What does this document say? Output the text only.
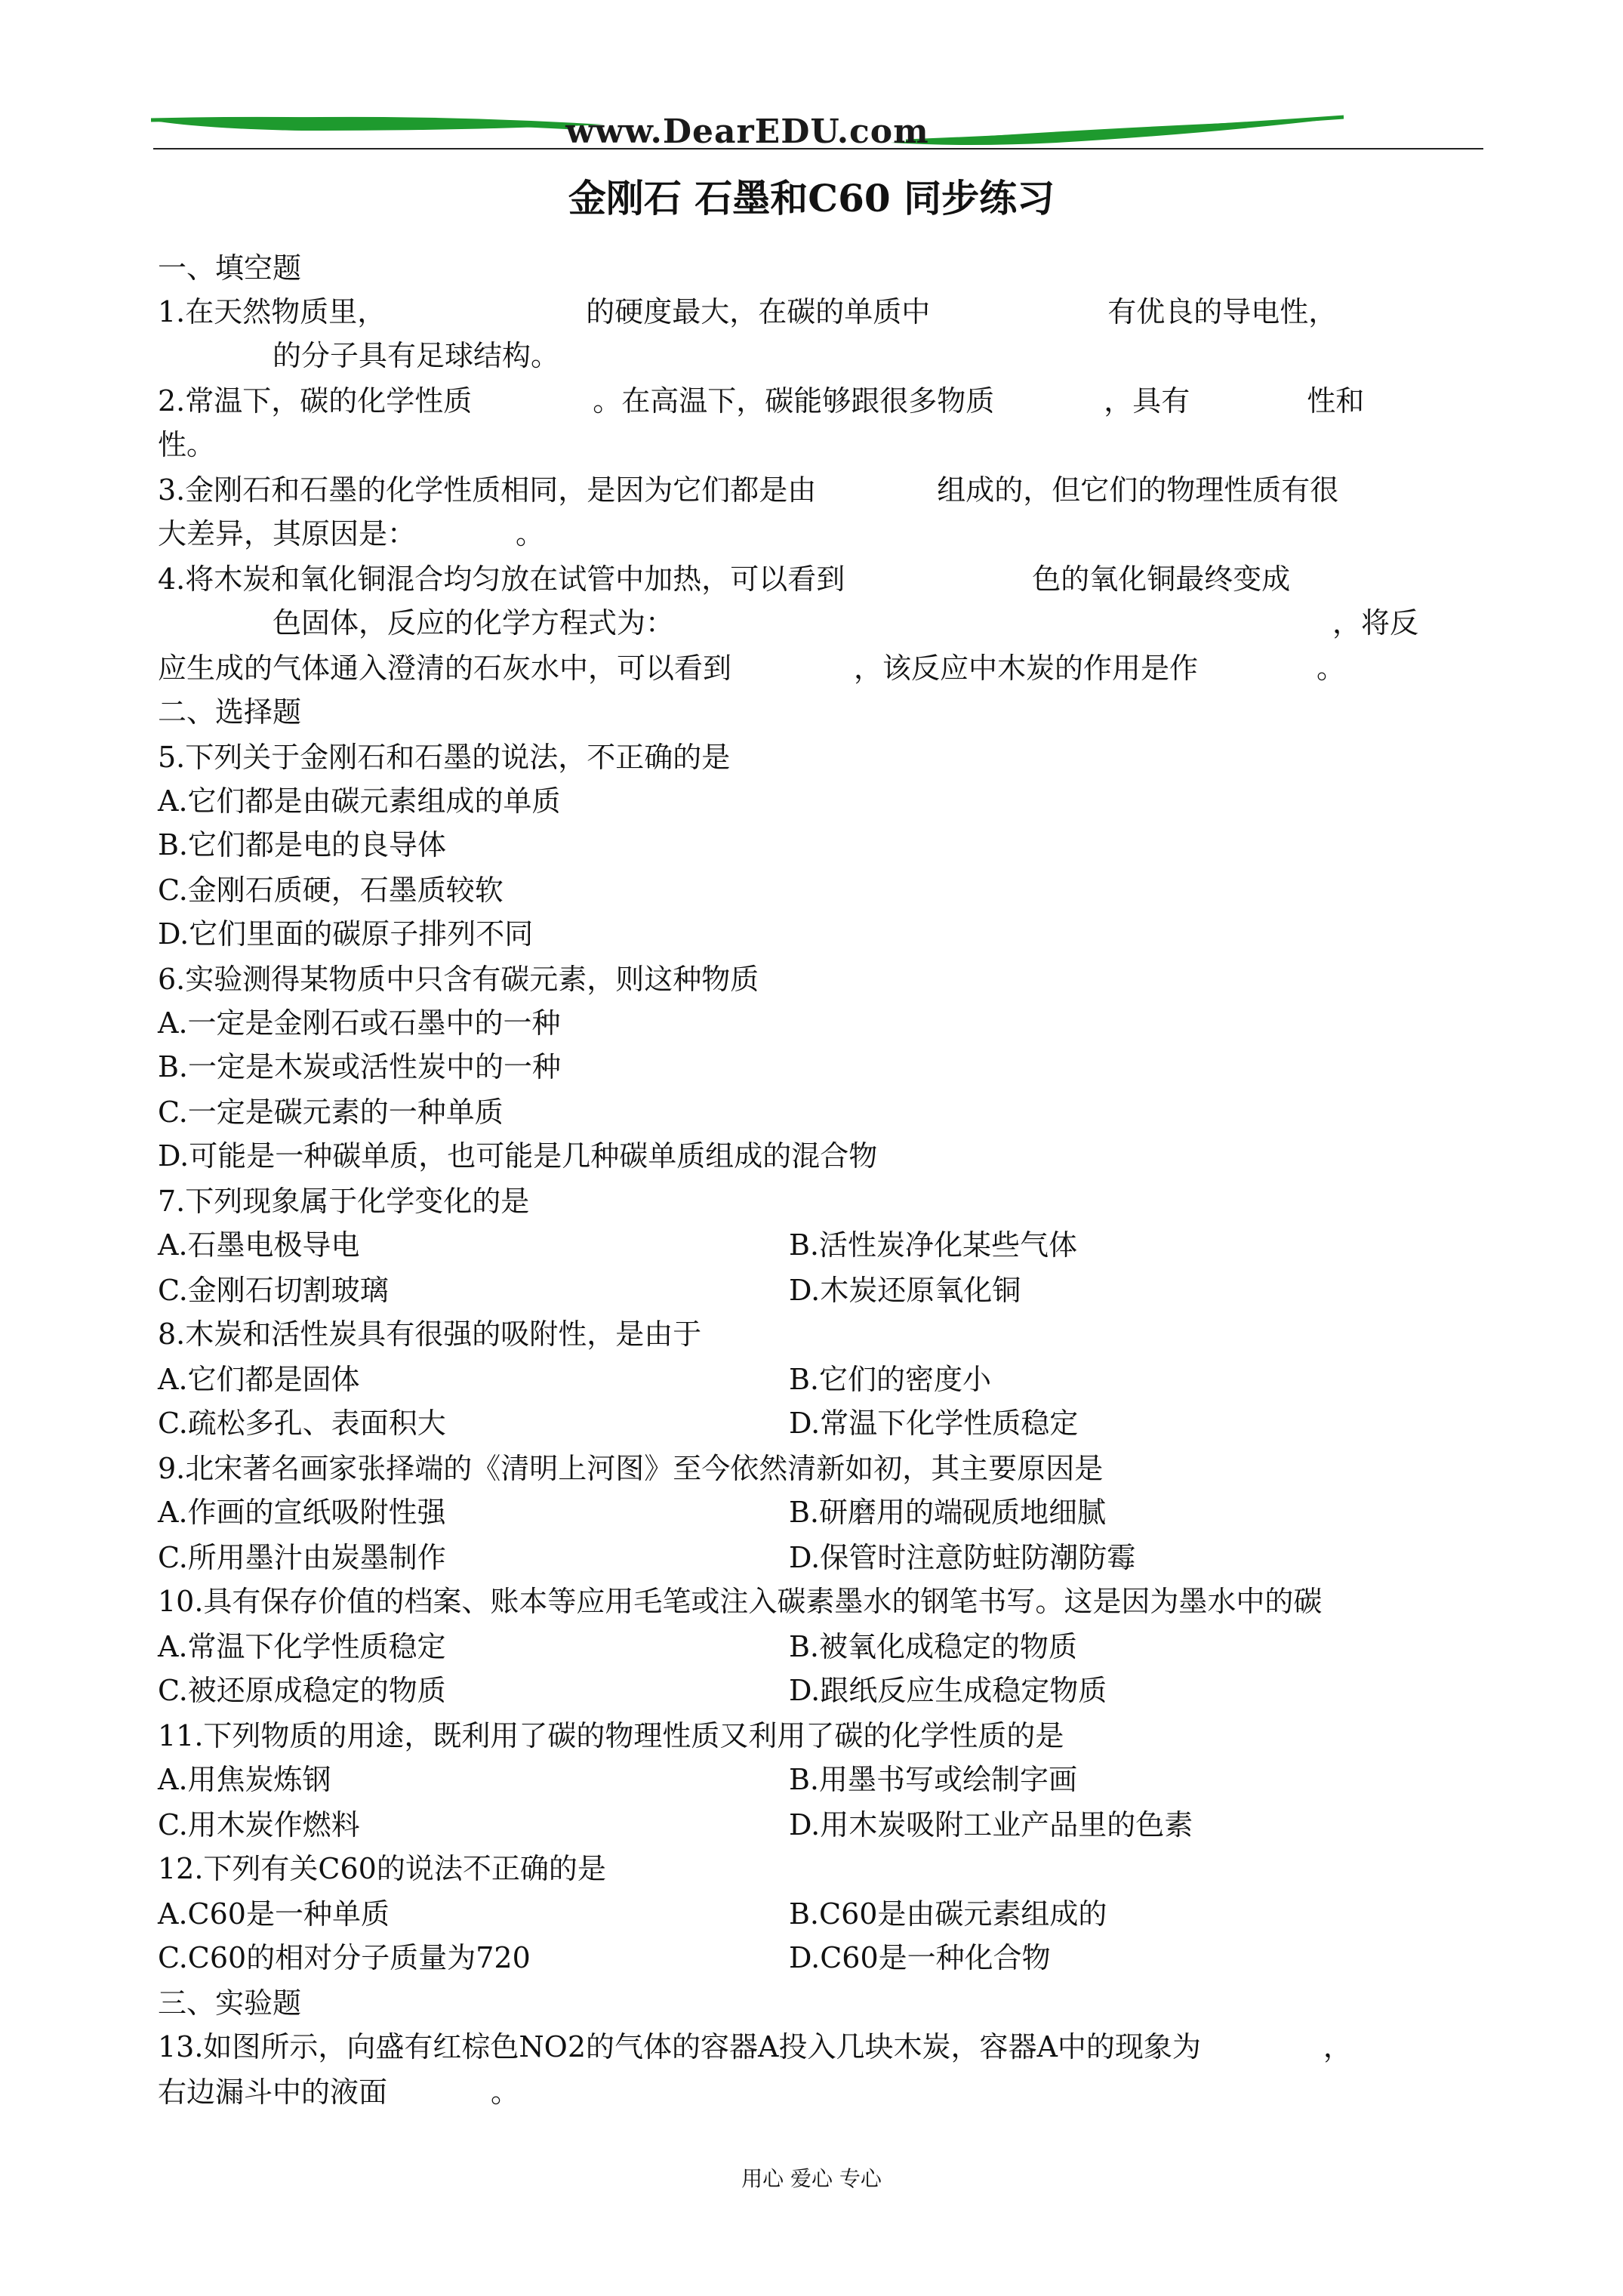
www.DearEDU.com
金刚石 石墨和C60 同步练习
一、填空题
1.在天然物质里，	的硬度最大，在碳的单质中	有优良的导电性，
的分子具有足球结构。
2.常温下，碳的化学性质	。在高温下，碳能够跟很多物质	，具有	性和
性。
3.金刚石和石墨的化学性质相同，是因为它们都是由	组成的，但它们的物理性质有很
大差异，其原因是：	。
4.将木炭和氧化铜混合均匀放在试管中加热，可以看到	色的氧化铜最终变成
色固体，反应的化学方程式为：	，将反
应生成的气体通入澄清的石灰水中，可以看到	，该反应中木炭的作用是作	。
二、选择题
5.下列关于金刚石和石墨的说法，不正确的是
A.它们都是由碳元素组成的单质
B.它们都是电的良导体
C.金刚石质硬，石墨质较软
D.它们里面的碳原子排列不同
6.实验测得某物质中只含有碳元素，则这种物质
A.一定是金刚石或石墨中的一种
B.一定是木炭或活性炭中的一种
C.一定是碳元素的一种单质
D.可能是一种碳单质，也可能是几种碳单质组成的混合物
7.下列现象属于化学变化的是
A.石墨电极导电	B.活性炭净化某些气体
C.金刚石切割玻璃	D.木炭还原氧化铜
8.木炭和活性炭具有很强的吸附性，是由于
A.它们都是固体	B.它们的密度小
C.疏松多孔、表面积大	D.常温下化学性质稳定
9.北宋著名画家张择端的《清明上河图》至今依然清新如初，其主要原因是
A.作画的宣纸吸附性强	B.研磨用的端砚质地细腻
C.所用墨汁由炭墨制作	D.保管时注意防蛀防潮防霉
10.具有保存价值的档案、账本等应用毛笔或注入碳素墨水的钢笔书写。这是因为墨水中的碳
A.常温下化学性质稳定	B.被氧化成稳定的物质
C.被还原成稳定的物质	D.跟纸反应生成稳定物质
11.下列物质的用途，既利用了碳的物理性质又利用了碳的化学性质的是
A.用焦炭炼钢	B.用墨书写或绘制字画
C.用木炭作燃料	D.用木炭吸附工业产品里的色素
12.下列有关C60的说法不正确的是
A.C60是一种单质	B.C60是由碳元素组成的
C.C60的相对分子质量为720	D.C60是一种化合物
三、实验题
13.如图所示，向盛有红棕色NO2的气体的容器A投入几块木炭，容器A中的现象为	，
右边漏斗中的液面	。
用心 爱心 专心
